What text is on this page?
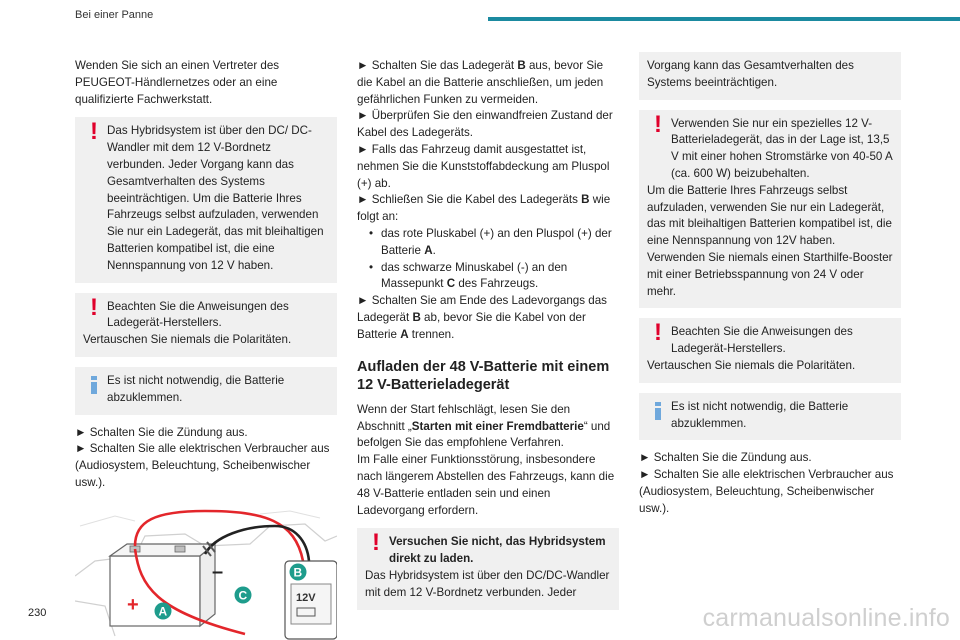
Bei einer Panne

Wenden Sie sich an einen Vertreter des PEUGEOT-Händlernetzes oder an eine qualifizierte Fachwerkstatt.

! Das Hybridsystem ist über den DC/ DC-Wandler mit dem 12 V-Bordnetz verbunden. Jeder Vorgang kann das Gesamtverhalten des Systems beeinträchtigen. Um die Batterie Ihres Fahrzeugs selbst aufzuladen, verwenden Sie nur ein Ladegerät, das mit bleihaltigen Batterien kompatibel ist, die eine Nennspannung von 12 V haben.
! Beachten Sie die Anweisungen des Ladegerät-Herstellers.
Vertauschen Sie niemals die Polaritäten.
Es ist nicht notwendig, die Batterie abzuklemmen.

► Schalten Sie die Zündung aus.

► Schalten Sie alle elektrischen Verbraucher aus (Audiosystem, Beleuchtung, Scheibenwischer usw.).

12V
+
–
A
C
B

► Schalten Sie das Ladegerät B aus, bevor Sie die Kabel an die Batterie anschließen, um jeden gefährlichen Funken zu vermeiden.

► Überprüfen Sie den einwandfreien Zustand der Kabel des Ladegeräts.

► Falls das Fahrzeug damit ausgestattet ist, nehmen Sie die Kunststoffabdeckung am Pluspol (+) ab.

► Schließen Sie die Kabel des Ladegeräts B wie folgt an:

• das rote Pluskabel (+) an den Pluspol (+) der Batterie A.
• das schwarze Minuskabel (-) an den Massepunkt C des Fahrzeugs.

► Schalten Sie am Ende des Ladevorgangs das Ladegerät B ab, bevor Sie die Kabel von der Batterie A trennen.

Aufladen der 48 V-Batterie mit einem 12 V-Batterieladegerät

Wenn der Start fehlschlägt, lesen Sie den Abschnitt „Starten mit einer Fremdbatterie“ und befolgen Sie das empfohlene Verfahren.

Im Falle einer Funktionsstörung, insbesondere nach längerem Abstellen des Fahrzeugs, kann die 48 V-Batterie entladen sein und einen Ladevorgang erfordern.

! Versuchen Sie nicht, das Hybridsystem direkt zu laden.
Das Hybridsystem ist über den DC/DC-Wandler mit dem 12 V-Bordnetz verbunden. Jeder
Vorgang kann das Gesamtverhalten des Systems beeinträchtigen.
! Verwenden Sie nur ein spezielles 12 V-Batterieladegerät, das in der Lage ist, 13,5 V mit einer hohen Stromstärke von 40-50 A (ca. 600 W) beizubehalten.
Um die Batterie Ihres Fahrzeugs selbst aufzuladen, verwenden Sie nur ein Ladegerät, das mit bleihaltigen Batterien kompatibel ist, die eine Nennspannung von 12V haben.
Verwenden Sie niemals einen Starthilfe-Booster mit einer Betriebsspannung von 24 V oder mehr.
! Beachten Sie die Anweisungen des Ladegerät-Herstellers.
Vertauschen Sie niemals die Polaritäten.
Es ist nicht notwendig, die Batterie abzuklemmen.

► Schalten Sie die Zündung aus.

► Schalten Sie alle elektrischen Verbraucher aus (Audiosystem, Beleuchtung, Scheibenwischer usw.).

230	carmanualsonline.info
